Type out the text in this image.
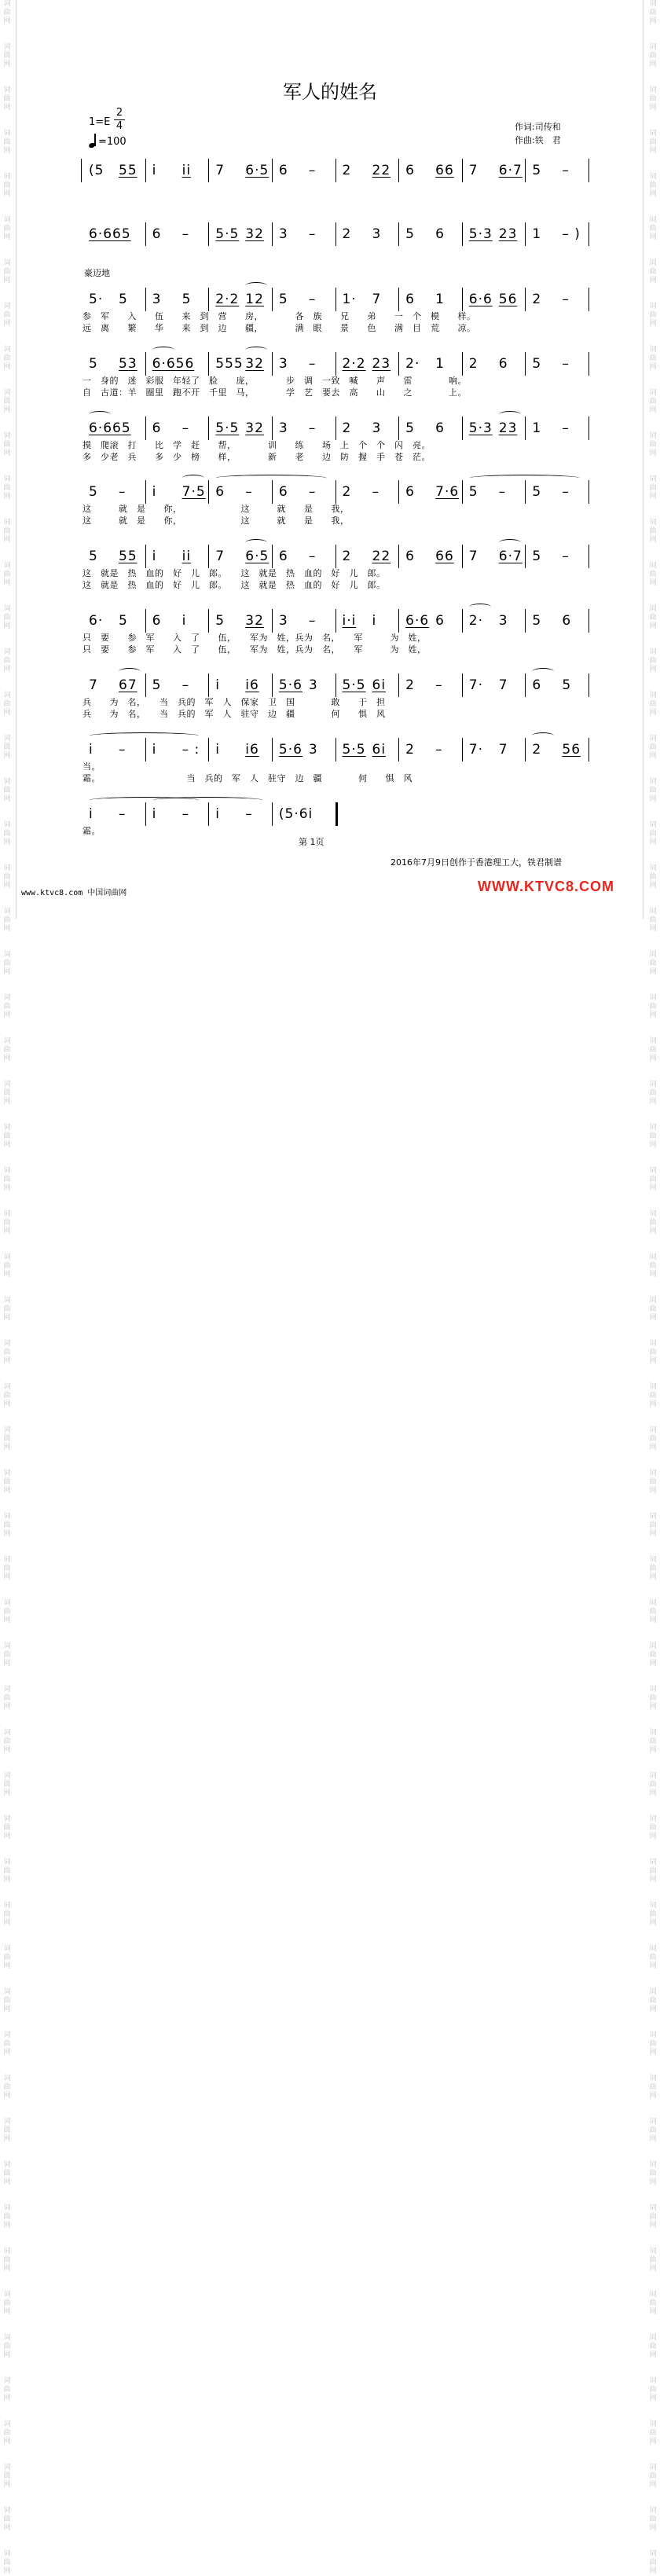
词
曲
网

词
曲
网

词
曲
网

词
曲
网

词
曲
网

词
曲
网

词
曲
网

词
曲
网

词
曲
网

词
曲
网

词
曲
网

词
曲
网

词
曲
网

词
曲
网

词
曲
网

词
曲
网

词
曲
网

词
曲
网

词
曲
网

词
曲
网

词
曲
网

词
曲
网

词
曲
网

词
曲
网

词
曲
网

词
曲
网

词
曲
网

词
曲
网

词
曲
网

词
曲
网

词
曲
网

词
曲
网

词
曲
网

词
曲
网

词
曲
网

词
曲
网

词
曲
网

词
曲
网

词
曲
网

词
曲
网

词
曲
网

词
曲
网

词
曲
网

词
曲
网

词
曲
网

词
曲
网

词
曲
网

词
曲
网

词
曲
网

词
曲
网

词
曲
网

词
曲
网

词
曲
网

词
曲
网

词
曲
网

词
曲
网

词
曲
网

词
曲
网

词
曲
网

词
曲
网

词
曲
网

词
曲
网

词
曲
网

词
曲
网

词
曲
网

词
曲
网

词
曲
网

词
曲
网

词
曲
网

词
曲
网

词
曲
网

词
曲
网

词
曲
网

词
曲
网

词
曲
网

词
曲
网

词
曲
网

词
曲
网

词
曲
网

词
曲
网

词
曲
网

词
曲
网

词
曲
网

词
曲
网

词
曲
网

词
曲
网

词
曲
网

词
曲
网

词
曲
网

词
曲
网

词
曲
网

词
曲
网

词
曲
网

词
曲
网

词
曲
网

词
曲
网

词
曲
网

词
曲
网

词
曲
网

词
曲
网

词
曲
网

词
曲
网

词
曲
网

词
曲
网

词
曲
网

词
曲
网

词
曲
网

词
曲
网

词
曲
网

词
曲
网

词
曲
网

词
曲
网

词
曲
网

词
曲
网

词
曲
网

词
曲
网

词
曲
网

词
曲
网

词
曲
网

词
曲
网

军人的姓名
1=E
2
4
=100
作词:司传和
作曲:铁　君
豪迈地
(5 55 i ii 7 6·5 6 – 2 22 6 66 7 6·7 5 –
6·665 6 – 5·5 32 3 – 2 3 5 6 5·3 23 1 – )
5· 5 3 5 2·2 12 5 – 1· 7 6 1 6·6 56 2 –
参　军　　入　　伍　　来　到　营　　房，　　　　各　族　　兄　　弟　　一　个　模　　样。
远　离　　繁　　华　　来　到　边　　疆，　　　　满　眼　　景　　色　　满　目　荒　　凉。
5 53 6·656 555 32 3 – 2·2 23 2· 1 2 6 5 –
一　身的　迷　彩服　年轻了　脸　　庞，　　　　步　调　一致　喊　　声　　雷　　　　响。
自　古道：羊　圈里　跑不开　千里　马，　　　　学　艺　要去　高　　山　　之　　　　上。
6·665 6 – 5·5 32 3 – 2 3 5 6 5·3 23 1 –
摸　爬滚　打　　比　学　赶　　帮，　　　　训　　练　　场　上　个　个　闪　亮。
多　少老　兵　　多　少　榜　　样，　　　　新　　老　　边　防　握　手　苍　茫。
5 – i 7·5 6 – 6 – 2 – 6 7·6 5 – 5 –
这　　　就　是　　你，　　　　　　　这　　　就　　是　　我，
这　　　就　是　　你，　　　　　　　这　　　就　　是　　我，
5 55 i ii 7 6·5 6 – 2 22 6 66 7 6·7 5 –
这　就是　热　血的　好　儿　郎。　　这　就是　热　血的　好　儿　郎。
这　就是　热　血的　好　儿　郎。　　这　就是　热　血的　好　儿　郎。
6· 5 6 i 5 32 3 – i·i i 6·6 6 2· 3 5 6
只　要　　参　军　　入　了　　伍，　　军为　姓，兵为　名，　　军　　　为　姓，
只　要　　参　军　　入　了　　伍，　　军为　姓，兵为　名，　　军　　　为　姓，
7 67 5 – i i6 5·6 3 5·5 6i 2 – 7· 7 6 5
兵　　为　名，　　当　兵的　军　人　保家　卫　国　　　　敢　　于　担
兵　　为　名，　　当　兵的　军　人　驻守　边　疆　　　　何　　惧　风
i – i – : i i6 5·6 3 5·5 6i 2 – 7· 7 2 56
当。
霜。　　　　　　　　　　当　兵的　军　人　驻守　边　疆　　　　何　　惧　风
i – i – i – (5·6i
霜。
第 1页
2016年7月9日创作于香港理工大，铁君制谱
www.ktvc8.com 中国词曲网	WWW.KTVC8.COM
